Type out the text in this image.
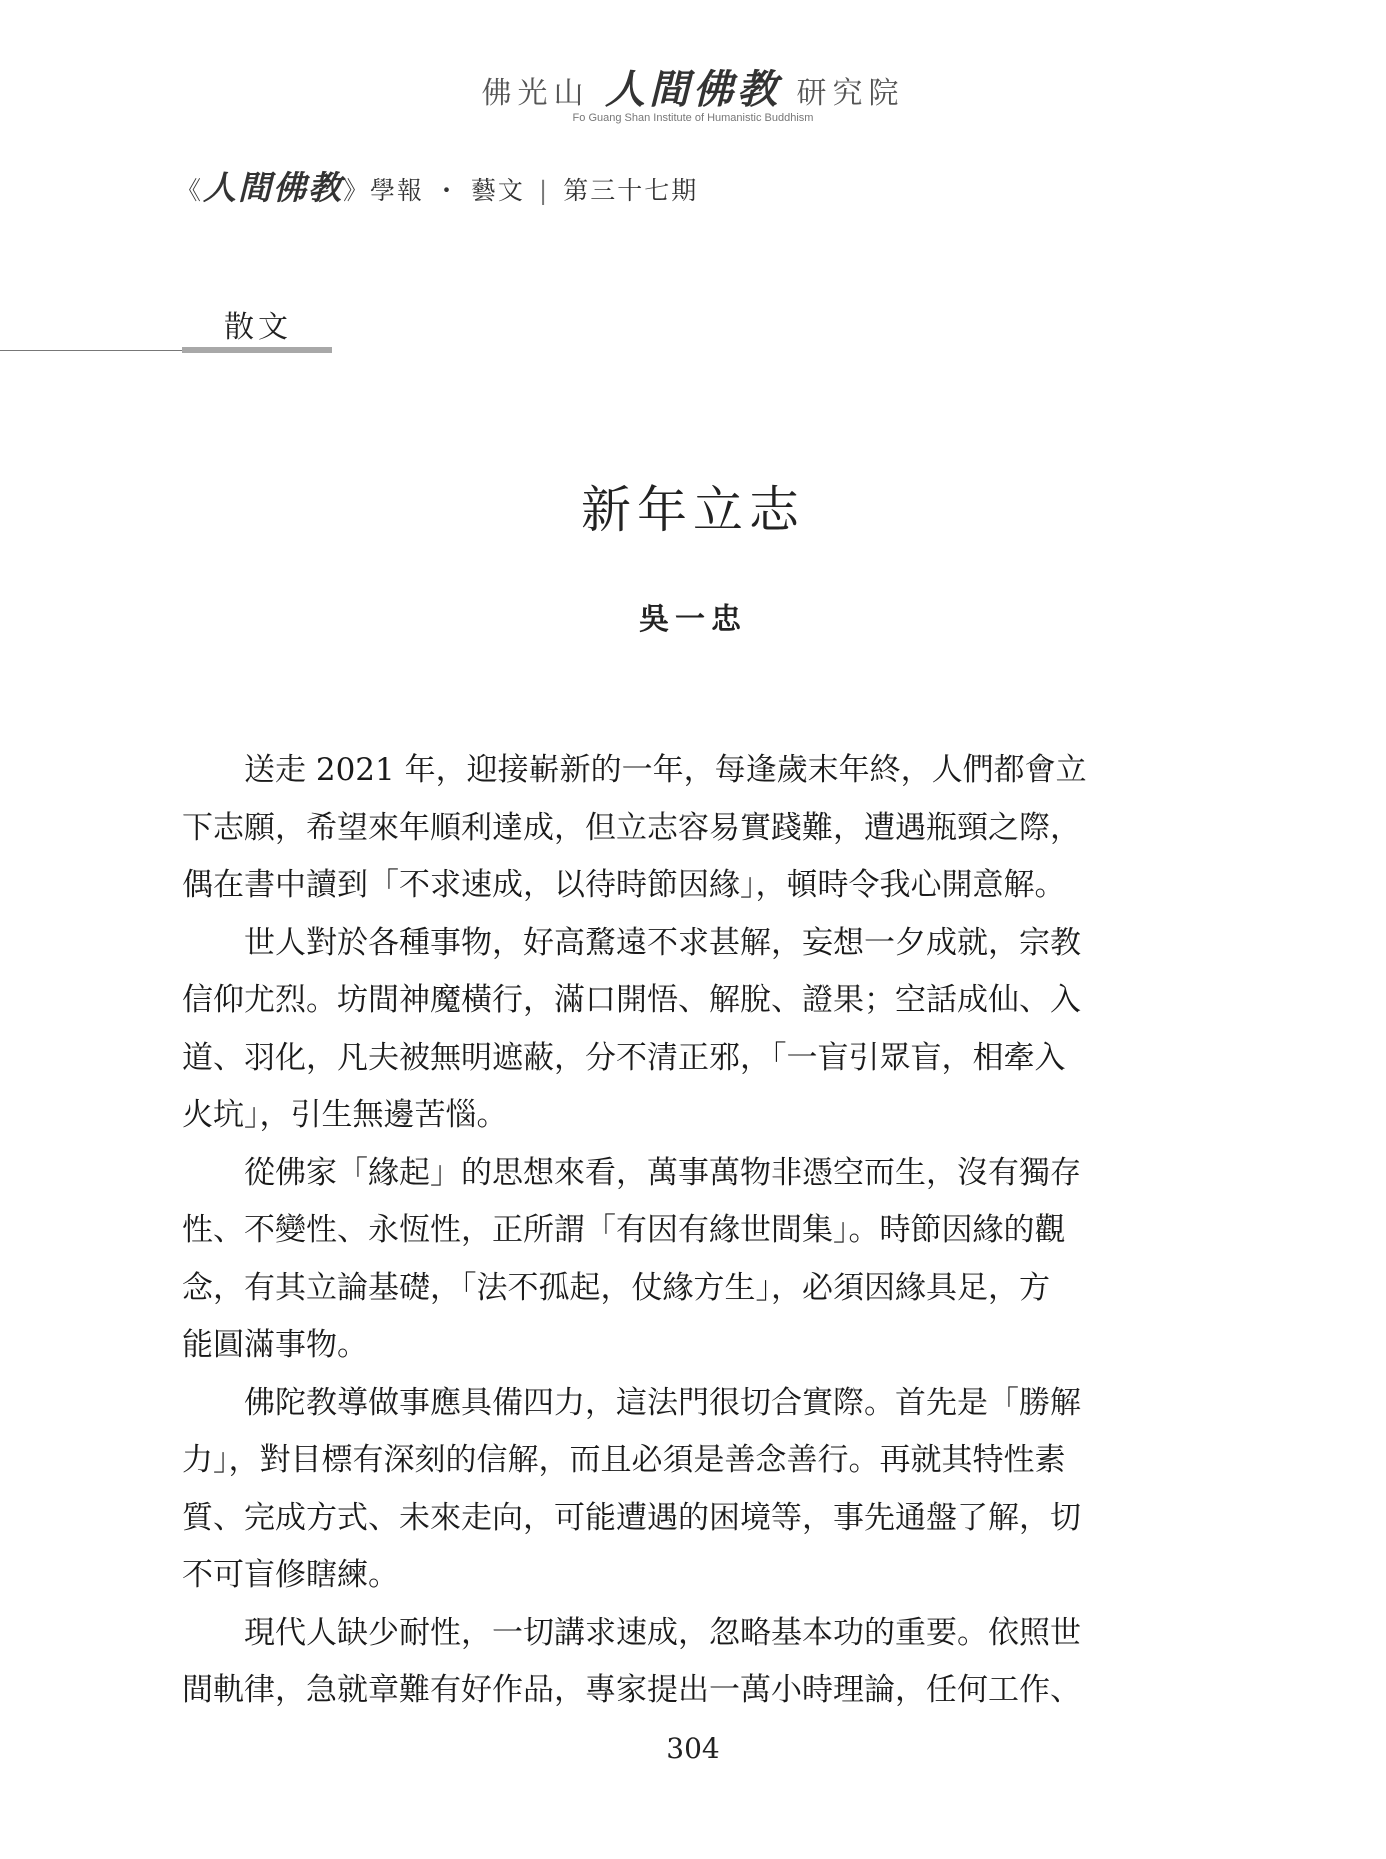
佛光山 人間佛教 研究院
Fo Guang Shan Institute of Humanistic Buddhism
《人間佛教》學報 ・ 藝文 | 第三十七期
散文
新年立志
吳一忠

送走 2021 年，迎接嶄新的一年，每逢歲末年終，人們都會立
下志願，希望來年順利達成，但立志容易實踐難，遭遇瓶頸之際，
偶在書中讀到「不求速成，以待時節因緣」，頓時令我心開意解。

世人對於各種事物，好高騖遠不求甚解，妄想一夕成就，宗教
信仰尤烈。坊間神魔橫行，滿口開悟、解脫、證果；空話成仙、入
道、羽化，凡夫被無明遮蔽，分不清正邪，「一盲引眾盲，相牽入
火坑」，引生無邊苦惱。

從佛家「緣起」的思想來看，萬事萬物非憑空而生，沒有獨存
性、不變性、永恆性，正所謂「有因有緣世間集」。時節因緣的觀
念，有其立論基礎，「法不孤起，仗緣方生」，必須因緣具足，方
能圓滿事物。

佛陀教導做事應具備四力，這法門很切合實際。首先是「勝解
力」，對目標有深刻的信解，而且必須是善念善行。再就其特性素
質、完成方式、未來走向，可能遭遇的困境等，事先通盤了解，切
不可盲修瞎練。

現代人缺少耐性，一切講求速成，忽略基本功的重要。依照世
間軌律，急就章難有好作品，專家提出一萬小時理論，任何工作、

304
